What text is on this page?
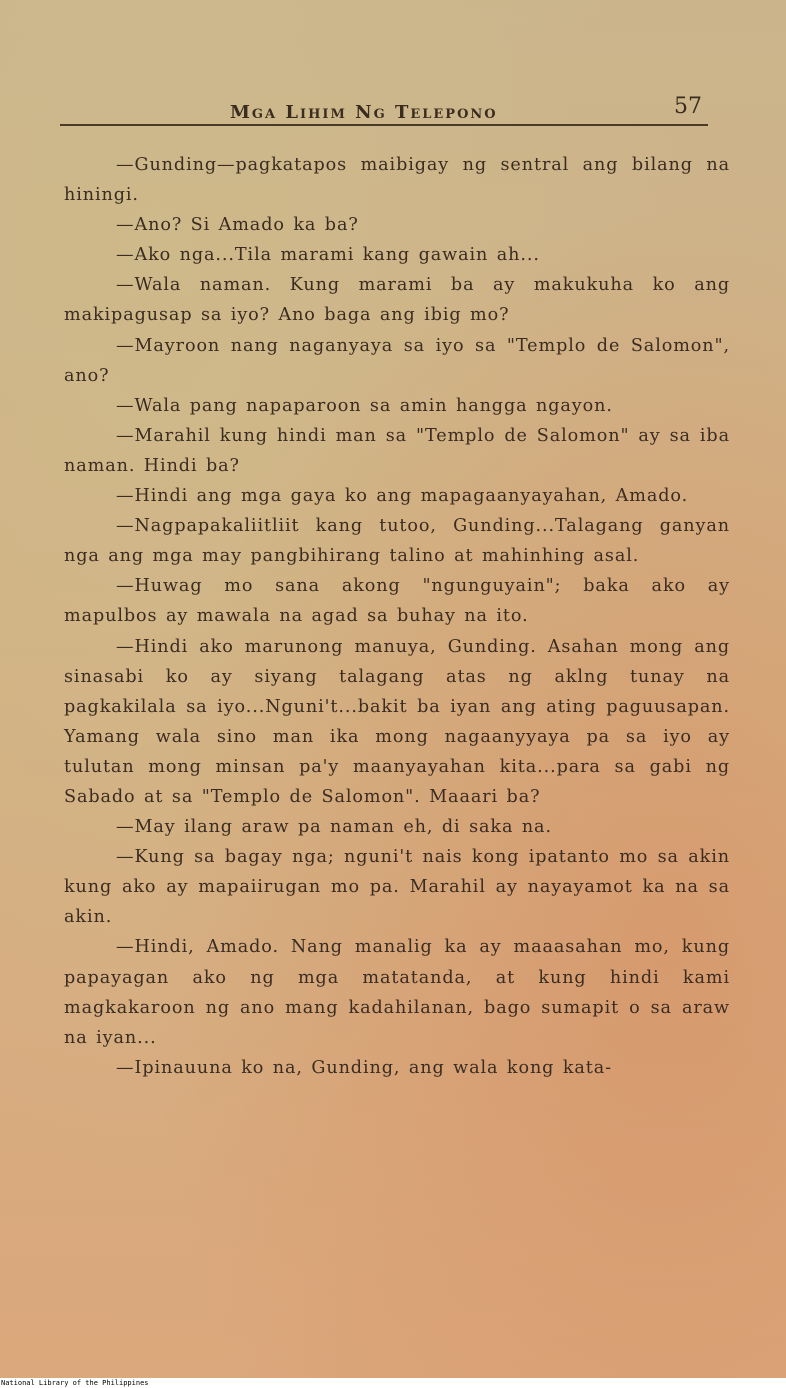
Mga Lihim Ng Telepono	57

—Gunding—pagkatapos maibigay ng sentral ang bilang na hiningi.

—Ano? Si Amado ka ba?

—Ako nga...Tila marami kang gawain ah...

—Wala naman. Kung marami ba ay makukuha ko ang makipagusap sa iyo? Ano baga ang ibig mo?

—Mayroon nang naganyaya sa iyo sa "Templo de Salomon", ano?

—Wala pang napaparoon sa amin hangga ngayon.

—Marahil kung hindi man sa "Templo de Salomon" ay sa iba naman. Hindi ba?

—Hindi ang mga gaya ko ang mapagaanyayahan, Amado.

—Nagpapakaliitliit kang tutoo, Gunding...Talagang ganyan nga ang mga may pangbihirang talino at mahinhing asal.

—Huwag mo sana akong "ngunguyain"; baka ako ay mapulbos ay mawala na agad sa buhay na ito.

—Hindi ako marunong manuya, Gunding. Asahan mong ang sinasabi ko ay siyang talagang atas ng aklng tunay na pagkakilala sa iyo...Nguni't...bakit ba iyan ang ating paguusapan. Yamang wala sino man ika mong nagaanyyaya pa sa iyo ay tulutan mong minsan pa'y maanyayahan kita...para sa gabi ng Sabado at sa "Templo de Salomon". Maaari ba?

—May ilang araw pa naman eh, di saka na.

—Kung sa bagay nga; nguni't nais kong ipatanto mo sa akin kung ako ay mapaiirugan mo pa. Marahil ay nayayamot ka na sa akin.

—Hindi, Amado. Nang manalig ka ay maaasahan mo, kung papayagan ako ng mga matatanda, at kung hindi kami magkakaroon ng ano mang kadahilanan, bago sumapit o sa araw na iyan...

—Ipinauuna ko na, Gunding, ang wala kong kata-

National Library of the Philippines
